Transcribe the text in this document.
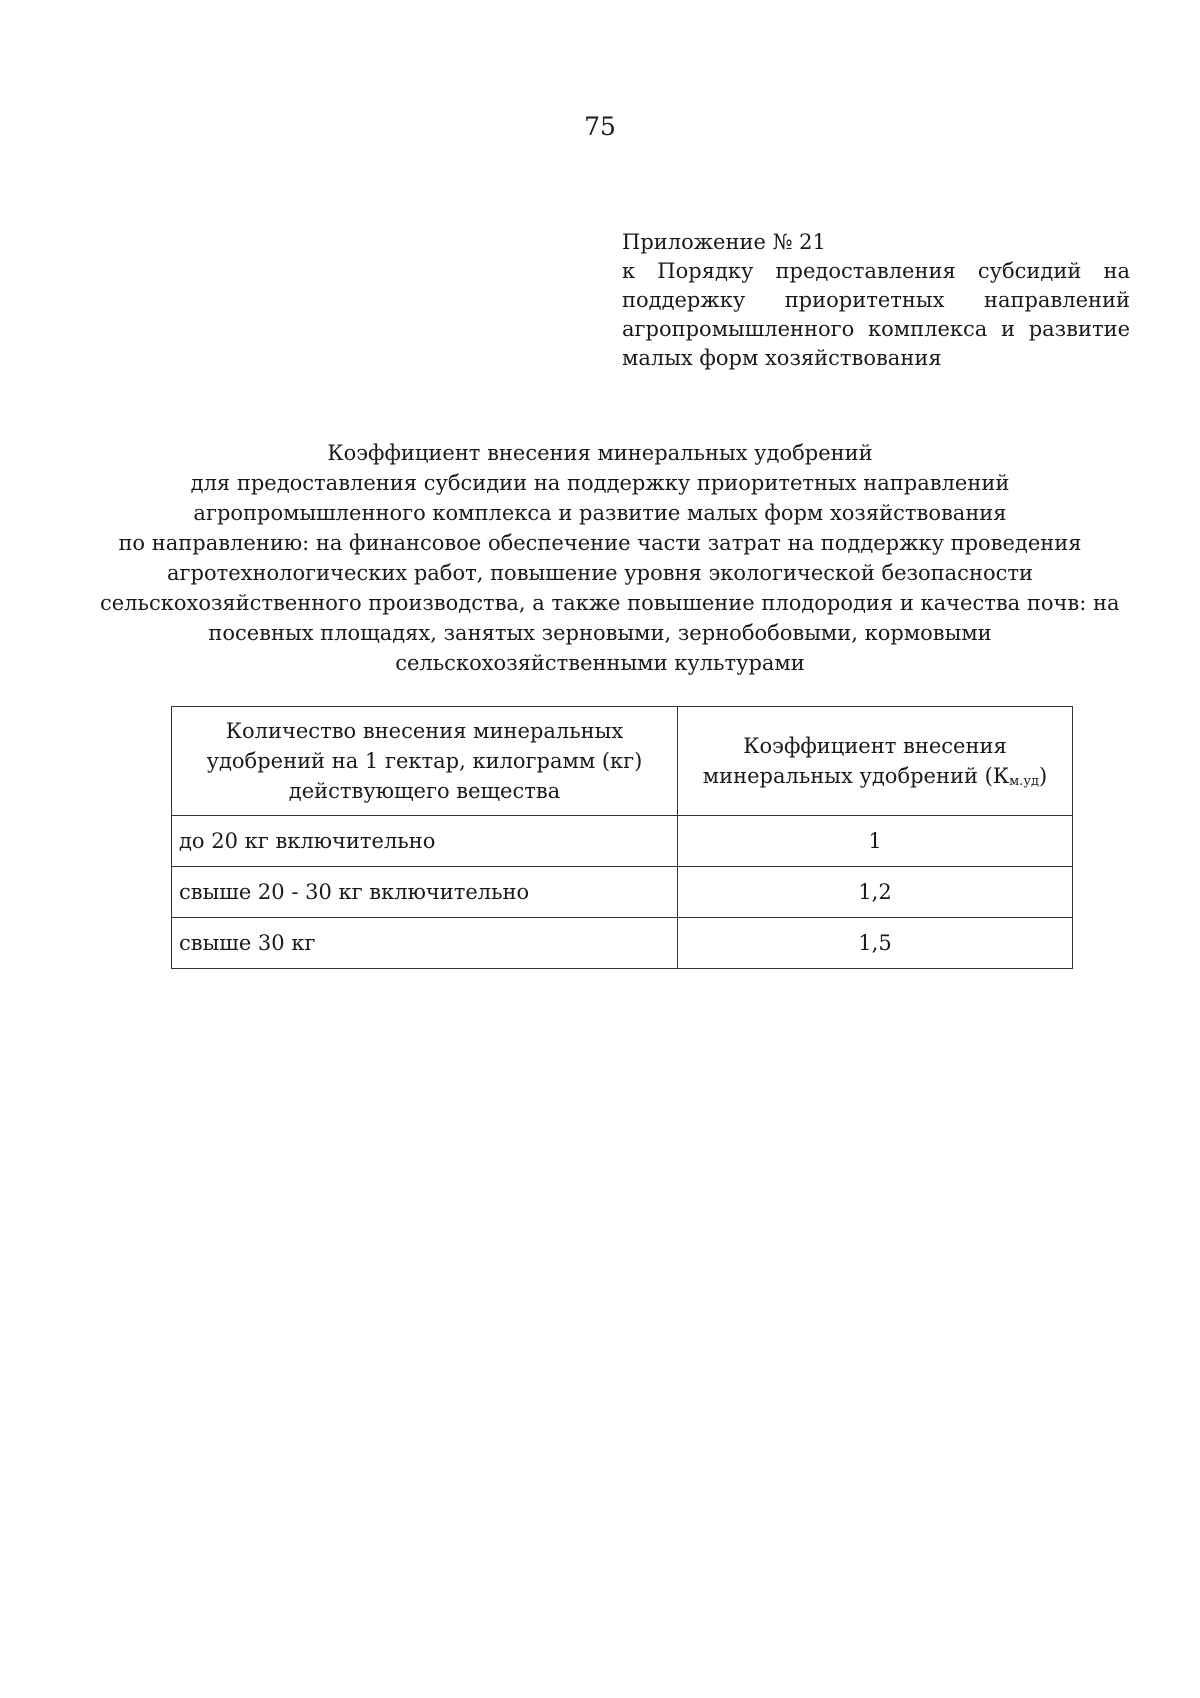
75
Приложение № 21
к Порядку предоставления субсидий на поддержку приоритетных направлений агропромышленного комплекса и развитие малых форм хозяйствования
Коэффициент внесения минеральных удобрений
для предоставления субсидии на поддержку приоритетных направлений
агропромышленного комплекса и развитие малых форм хозяйствования
по направлению: на финансовое обеспечение части затрат на поддержку проведения
агротехнологических работ, повышение уровня экологической безопасности
сельскохозяйственного производства, а также повышение плодородия и качества почв: на
посевных площадях, занятых зерновыми, зернобобовыми, кормовыми
сельскохозяйственными культурами
Количество внесения минеральных удобрений на 1 гектар, килограмм (кг) действующего вещества	Коэффициент внесения минеральных удобрений $(К_{м.уд})$
до 20 кг включительно	1
свыше 20 - 30 кг включительно	1,2
свыше 30 кг	1,5
